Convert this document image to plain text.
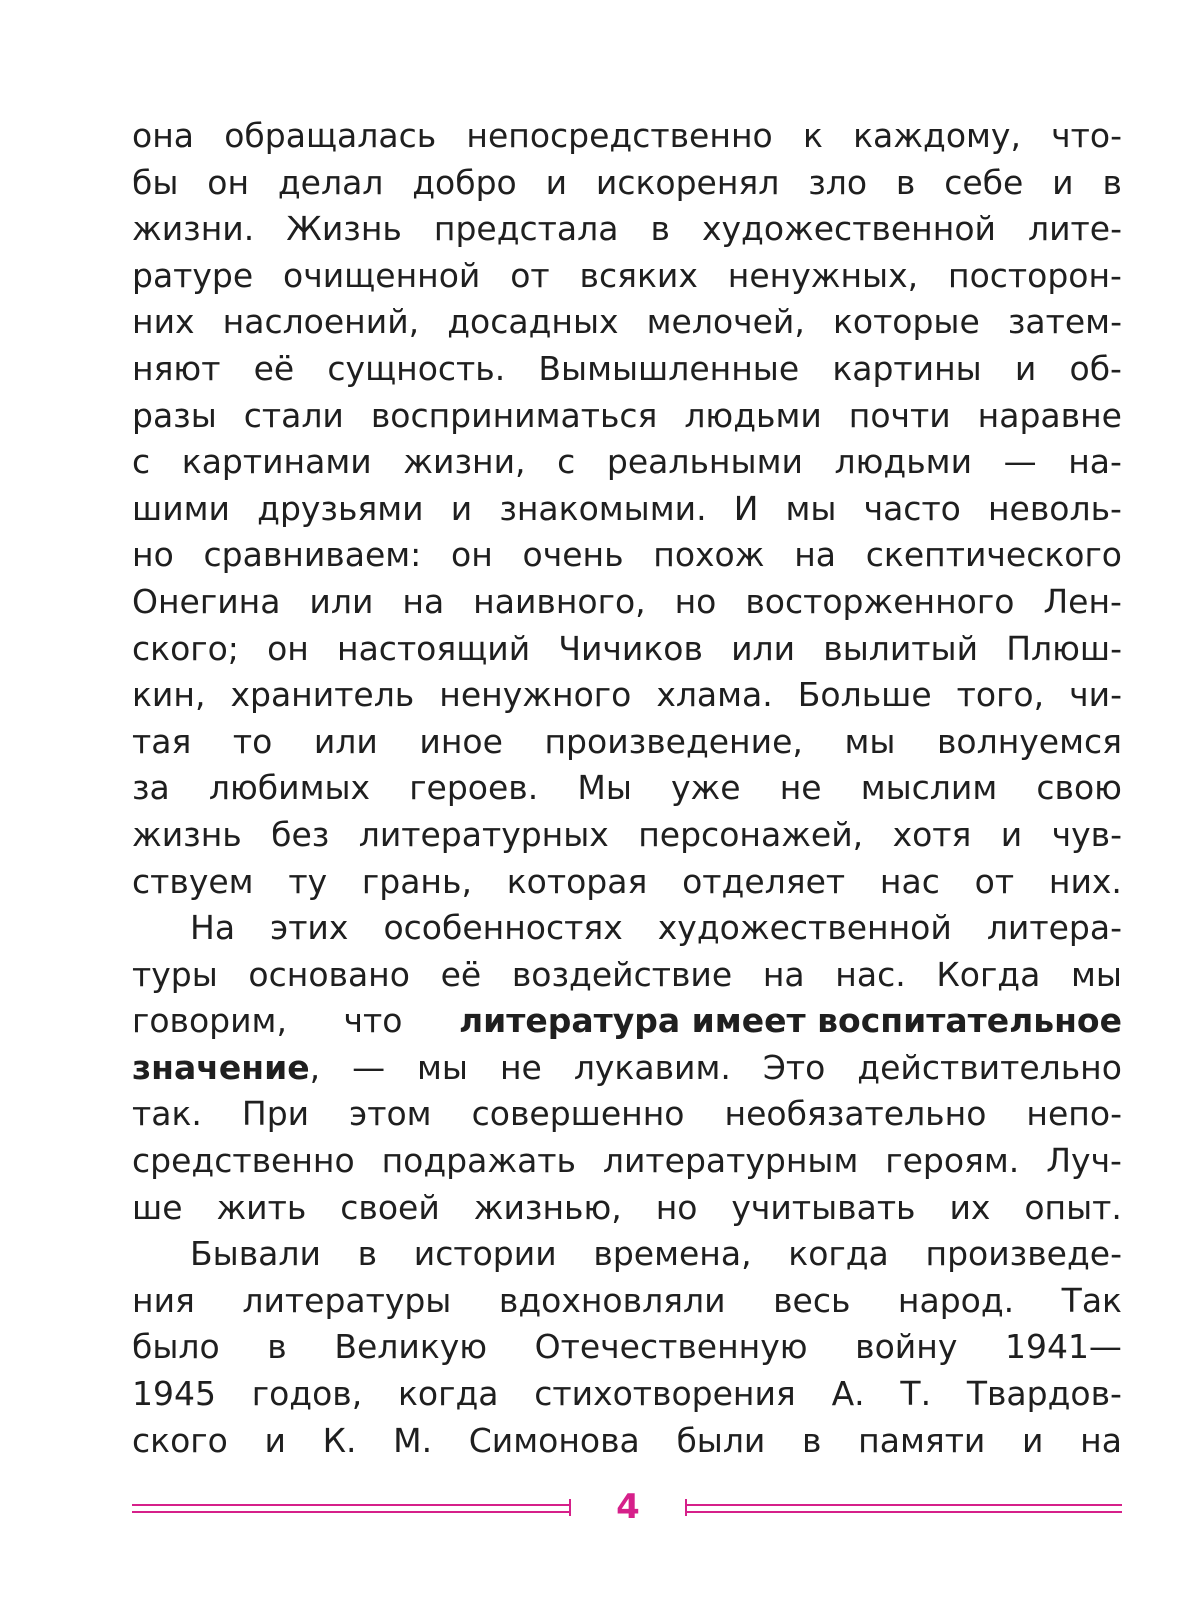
она обращалась непосредственно к каждому, что-
бы он делал добро и искоренял зло в себе и в
жизни. Жизнь предстала в художественной лите-
ратуре очищенной от всяких ненужных, посторон-
них наслоений, досадных мелочей, которые затем-
няют её сущность. Вымышленные картины и об-
разы стали восприниматься людьми почти наравне
с картинами жизни, с реальными людьми — на-
шими друзьями и знакомыми. И мы часто неволь-
но сравниваем: он очень похож на скептического
Онегина или на наивного, но восторженного Лен-
ского; он настоящий Чичиков или вылитый Плюш-
кин, хранитель ненужного хлама. Больше того, чи-
тая то или иное произведение, мы волнуемся
за любимых героев. Мы уже не мыслим свою
жизнь без литературных персонажей, хотя и чув-
ствуем ту грань, которая отделяет нас от них.
На этих особенностях художественной литера-
туры основано её воздействие на нас. Когда мы
говорим, что литература имеет воспитательное
значение, — мы не лукавим. Это действительно
так. При этом совершенно необязательно непо-
средственно подражать литературным героям. Луч-
ше жить своей жизнью, но учитывать их опыт.
Бывали в истории времена, когда произведе-
ния литературы вдохновляли весь народ. Так
было в Великую Отечественную войну 1941—
1945 годов, когда стихотворения А. Т. Твардов-
ского и К. М. Симонова были в памяти и на
4
